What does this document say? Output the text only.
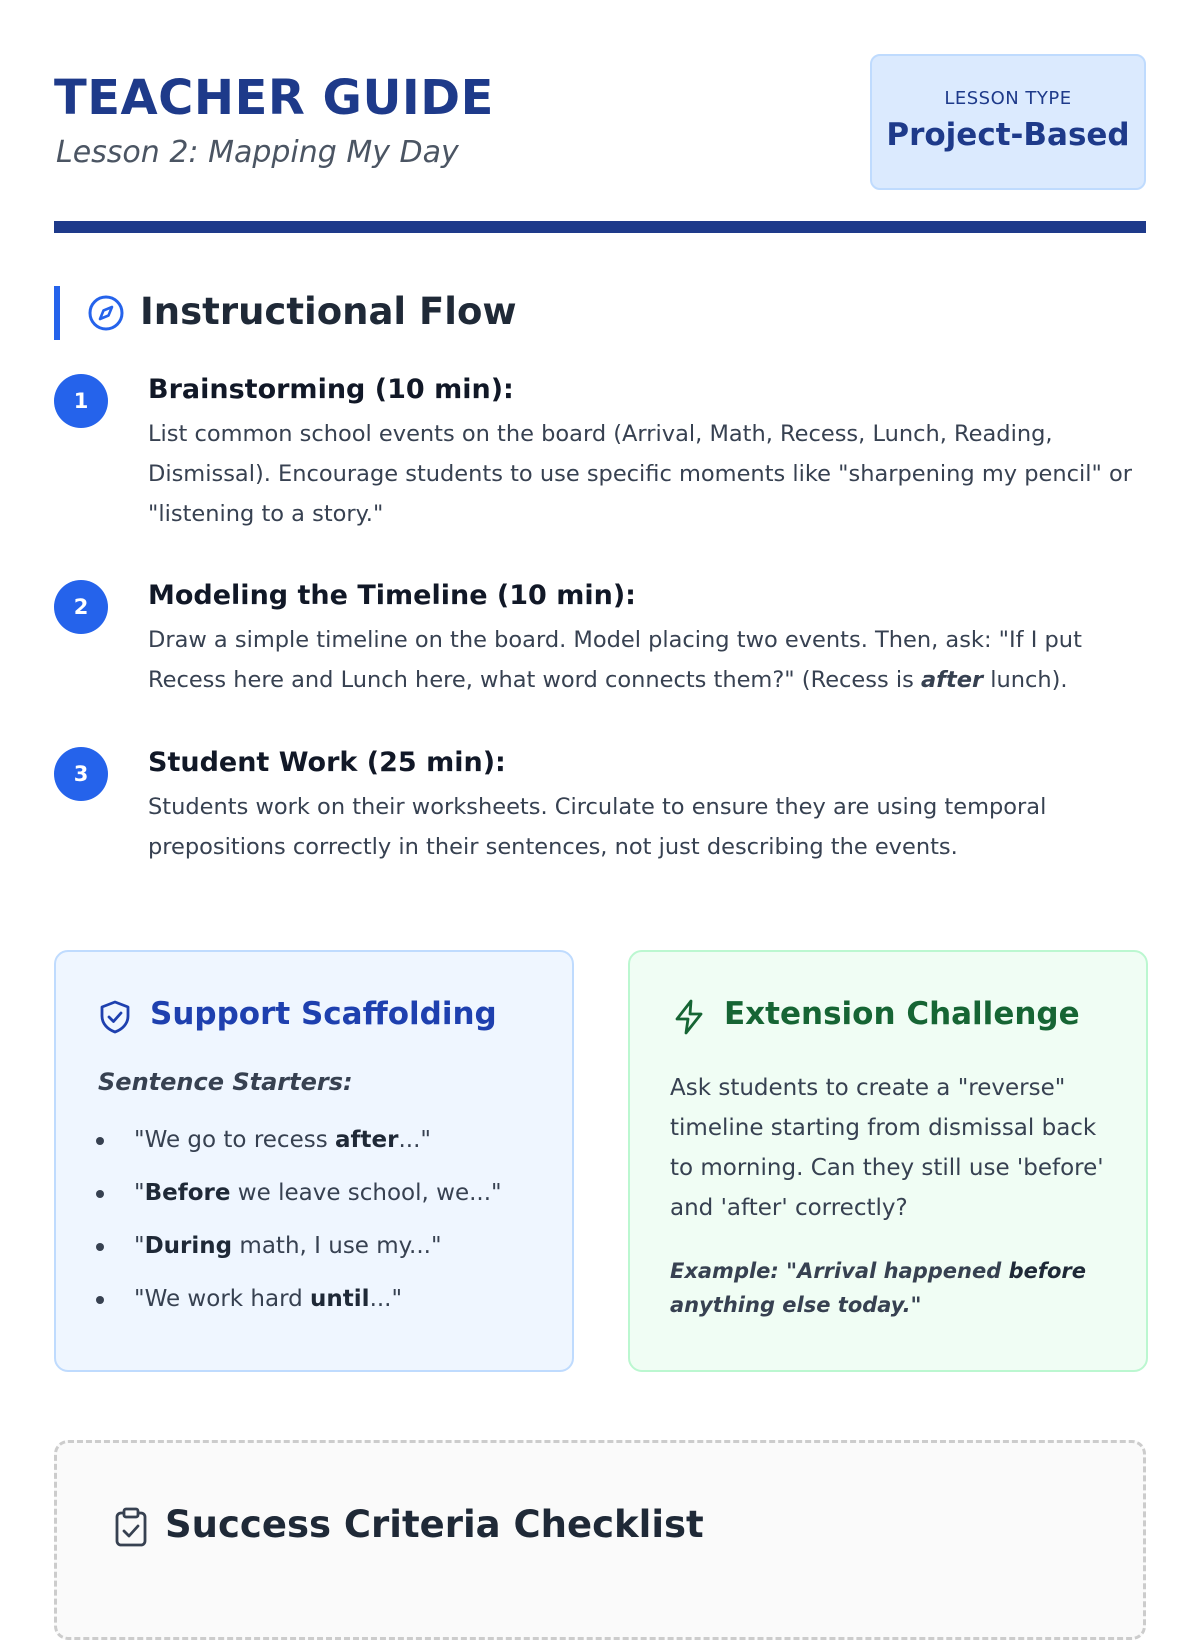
TEACHER GUIDE
Lesson 2: Mapping My Day
LESSON TYPE
Project-Based
Instructional Flow
1	Brainstorming (10 min):
List common school events on the board (Arrival, Math, Recess, Lunch, Reading, Dismissal). Encourage students to use specific moments like "sharpening my pencil" or "listening to a story."
2	Modeling the Timeline (10 min):
Draw a simple timeline on the board. Model placing two events. Then, ask: "If I put Recess here and Lunch here, what word connects them?" (Recess is after lunch).
3	Student Work (25 min):
Students work on their worksheets. Circulate to ensure they are using temporal prepositions correctly in their sentences, not just describing the events.
Support Scaffolding
Sentence Starters:
"We go to recess after..."
"Before we leave school, we..."
"During math, I use my..."
"We work hard until..."
Extension Challenge
Ask students to create a "reverse" timeline starting from dismissal back to morning. Can they still use 'before' and 'after' correctly?
Example: "Arrival happened before anything else today."
Success Criteria Checklist
